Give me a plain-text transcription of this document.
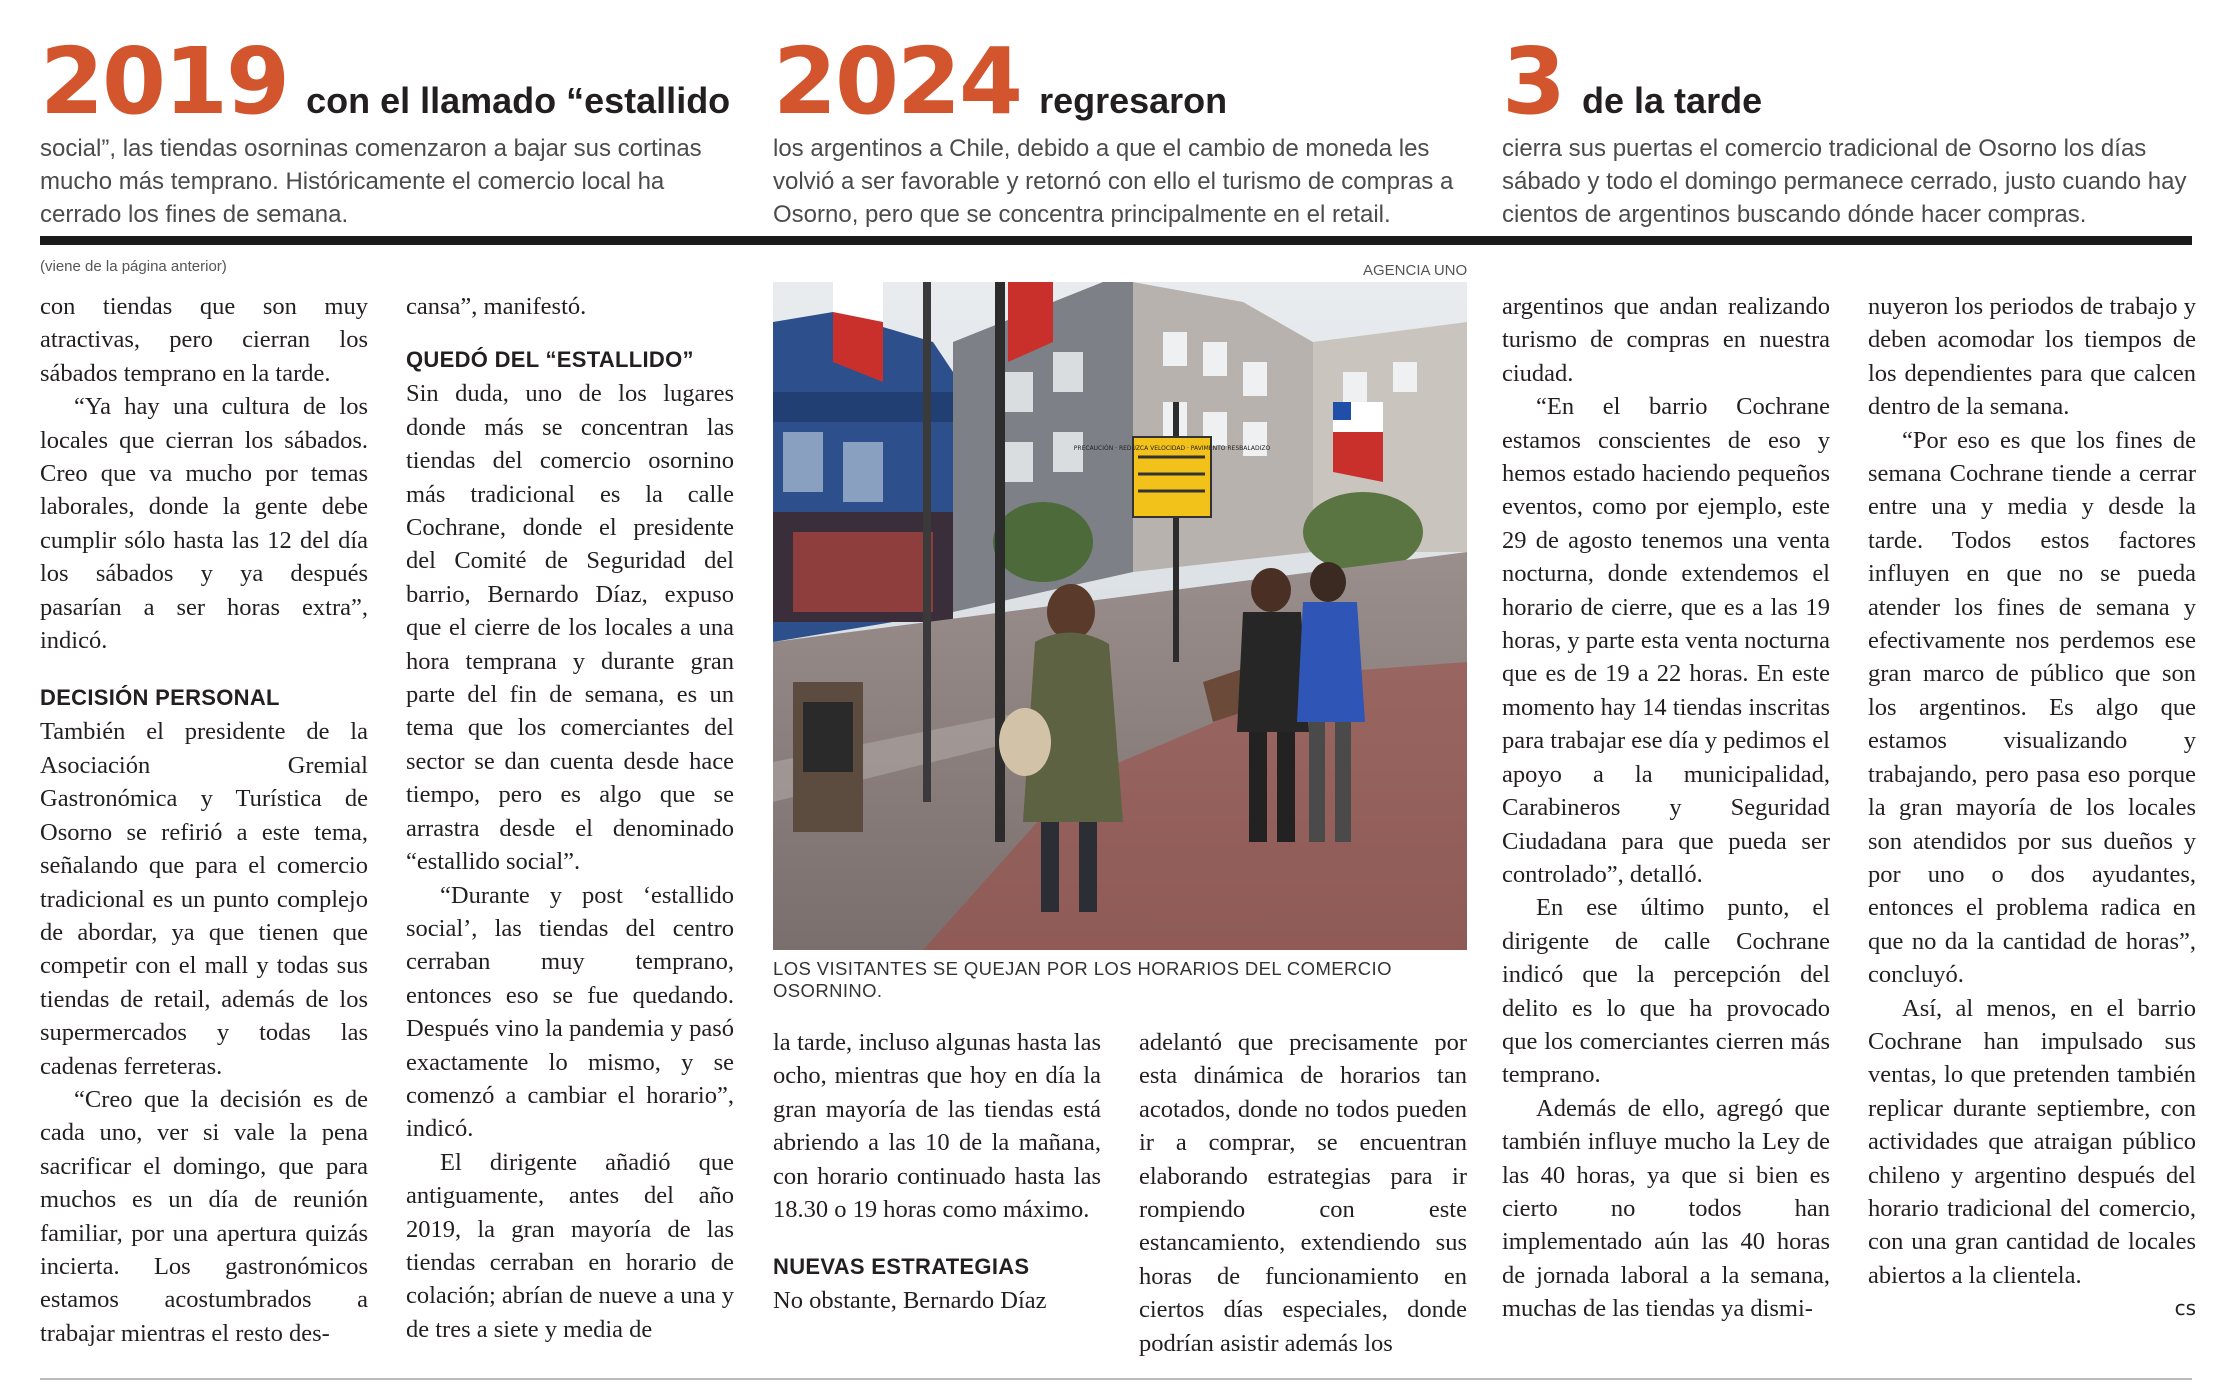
2019 con el llamado “estallido
social”, las tiendas osorninas comenzaron a bajar sus cortinas mucho más temprano. Históricamente el comercio local ha cerrado los fines de semana.
2024 regresaron
los argentinos a Chile, debido a que el cambio de moneda les volvió a ser favorable y retornó con ello el turismo de compras a Osorno, pero que se concentra principalmente en el retail.
3 de la tarde
cierra sus puertas el comercio tradicional de Osorno los días sábado y todo el domingo permanece cerrado, justo cuando hay cientos de argentinos buscando dónde hacer compras.
(viene de la página anterior)	AGENCIA UNO

con tiendas que son muy atractivas, pero cierran los sábados temprano en la tarde.

“Ya hay una cultura de los locales que cierran los sábados. Creo que va mucho por temas laborales, donde la gente debe cumplir sólo hasta las 12 del día los sábados y ya después pasarían a ser horas extra”, indicó.

DECISIÓN PERSONAL

También el presidente de la Asociación Gremial Gastronómica y Turística de Osorno se refirió a este tema, señalando que para el comercio tradicional es un punto complejo de abordar, ya que tienen que competir con el mall y todas sus tiendas de retail, además de los supermercados y todas las cadenas ferreteras.

“Creo que la decisión es de cada uno, ver si vale la pena sacrificar el domingo, que para muchos es un día de reunión familiar, por una apertura quizás incierta. Los gastronómicos estamos acostumbrados a trabajar mientras el resto des-

cansa”, manifestó.

QUEDÓ DEL “ESTALLIDO”

Sin duda, uno de los lugares donde más se concentran las tiendas del comercio osornino más tradicional es la calle Cochrane, donde el presidente del Comité de Seguridad del barrio, Bernardo Díaz, expuso que el cierre de los locales a una hora temprana y durante gran parte del fin de semana, es un tema que los comerciantes del sector se dan cuenta desde hace tiempo, pero es algo que se arrastra desde el denominado “estallido social”.

“Durante y post ‘estallido social’, las tiendas del centro cerraban muy temprano, entonces eso se fue quedando. Después vino la pandemia y pasó exactamente lo mismo, y se comenzó a cambiar el horario”, indicó.

El dirigente añadió que antiguamente, antes del año 2019, la gran mayoría de las tiendas cerraban en horario de colación; abrían de nueve a una y de tres a siete y media de

PRECAUCIÓN · REDUZCA VELOCIDAD · PAVIMENTO RESBALADIZO
LOS VISITANTES SE QUEJAN POR LOS HORARIOS DEL COMERCIO OSORNINO.

la tarde, incluso algunas hasta las ocho, mientras que hoy en día la gran mayoría de las tiendas está abriendo a las 10 de la mañana, con horario continuado hasta las 18.30 o 19 horas como máximo.

NUEVAS ESTRATEGIAS

No obstante, Bernardo Díaz

adelantó que precisamente por esta dinámica de horarios tan acotados, donde no todos pueden ir a comprar, se encuentran elaborando estrategias para ir rompiendo con este estancamiento, extendiendo sus horas de funcionamiento en ciertos días especiales, donde podrían asistir además los

argentinos que andan realizando turismo de compras en nuestra ciudad.

“En el barrio Cochrane estamos conscientes de eso y hemos estado haciendo pequeños eventos, como por ejemplo, este 29 de agosto tenemos una venta nocturna, donde extendemos el horario de cierre, que es a las 19 horas, y parte esta venta nocturna que es de 19 a 22 horas. En este momento hay 14 tiendas inscritas para trabajar ese día y pedimos el apoyo a la municipalidad, Carabineros y Seguridad Ciudadana para que pueda ser controlado”, detalló.

En ese último punto, el dirigente de calle Cochrane indicó que la percepción del delito es lo que ha provocado que los comerciantes cierren más temprano.

Además de ello, agregó que también influye mucho la Ley de las 40 horas, ya que si bien es cierto no todos han implementado aún las 40 horas de jornada laboral a la semana, muchas de las tiendas ya dismi-

nuyeron los periodos de trabajo y deben acomodar los tiempos de los dependientes para que calcen dentro de la semana.

“Por eso es que los fines de semana Cochrane tiende a cerrar entre una y media y desde la tarde. Todos estos factores influyen en que no se pueda atender los fines de semana y efectivamente nos perdemos ese gran marco de público que son los argentinos. Es algo que estamos visualizando y trabajando, pero pasa eso porque la gran mayoría de los locales son atendidos por sus dueños y por uno o dos ayudantes, entonces el problema radica en que no da la cantidad de horas”, concluyó.

Así, al menos, en el barrio Cochrane han impulsado sus ventas, lo que pretenden también replicar durante septiembre, con actividades que atraigan público chileno y argentino después del horario tradicional del comercio, con una gran cantidad de locales abiertos a la clientela.

cs
